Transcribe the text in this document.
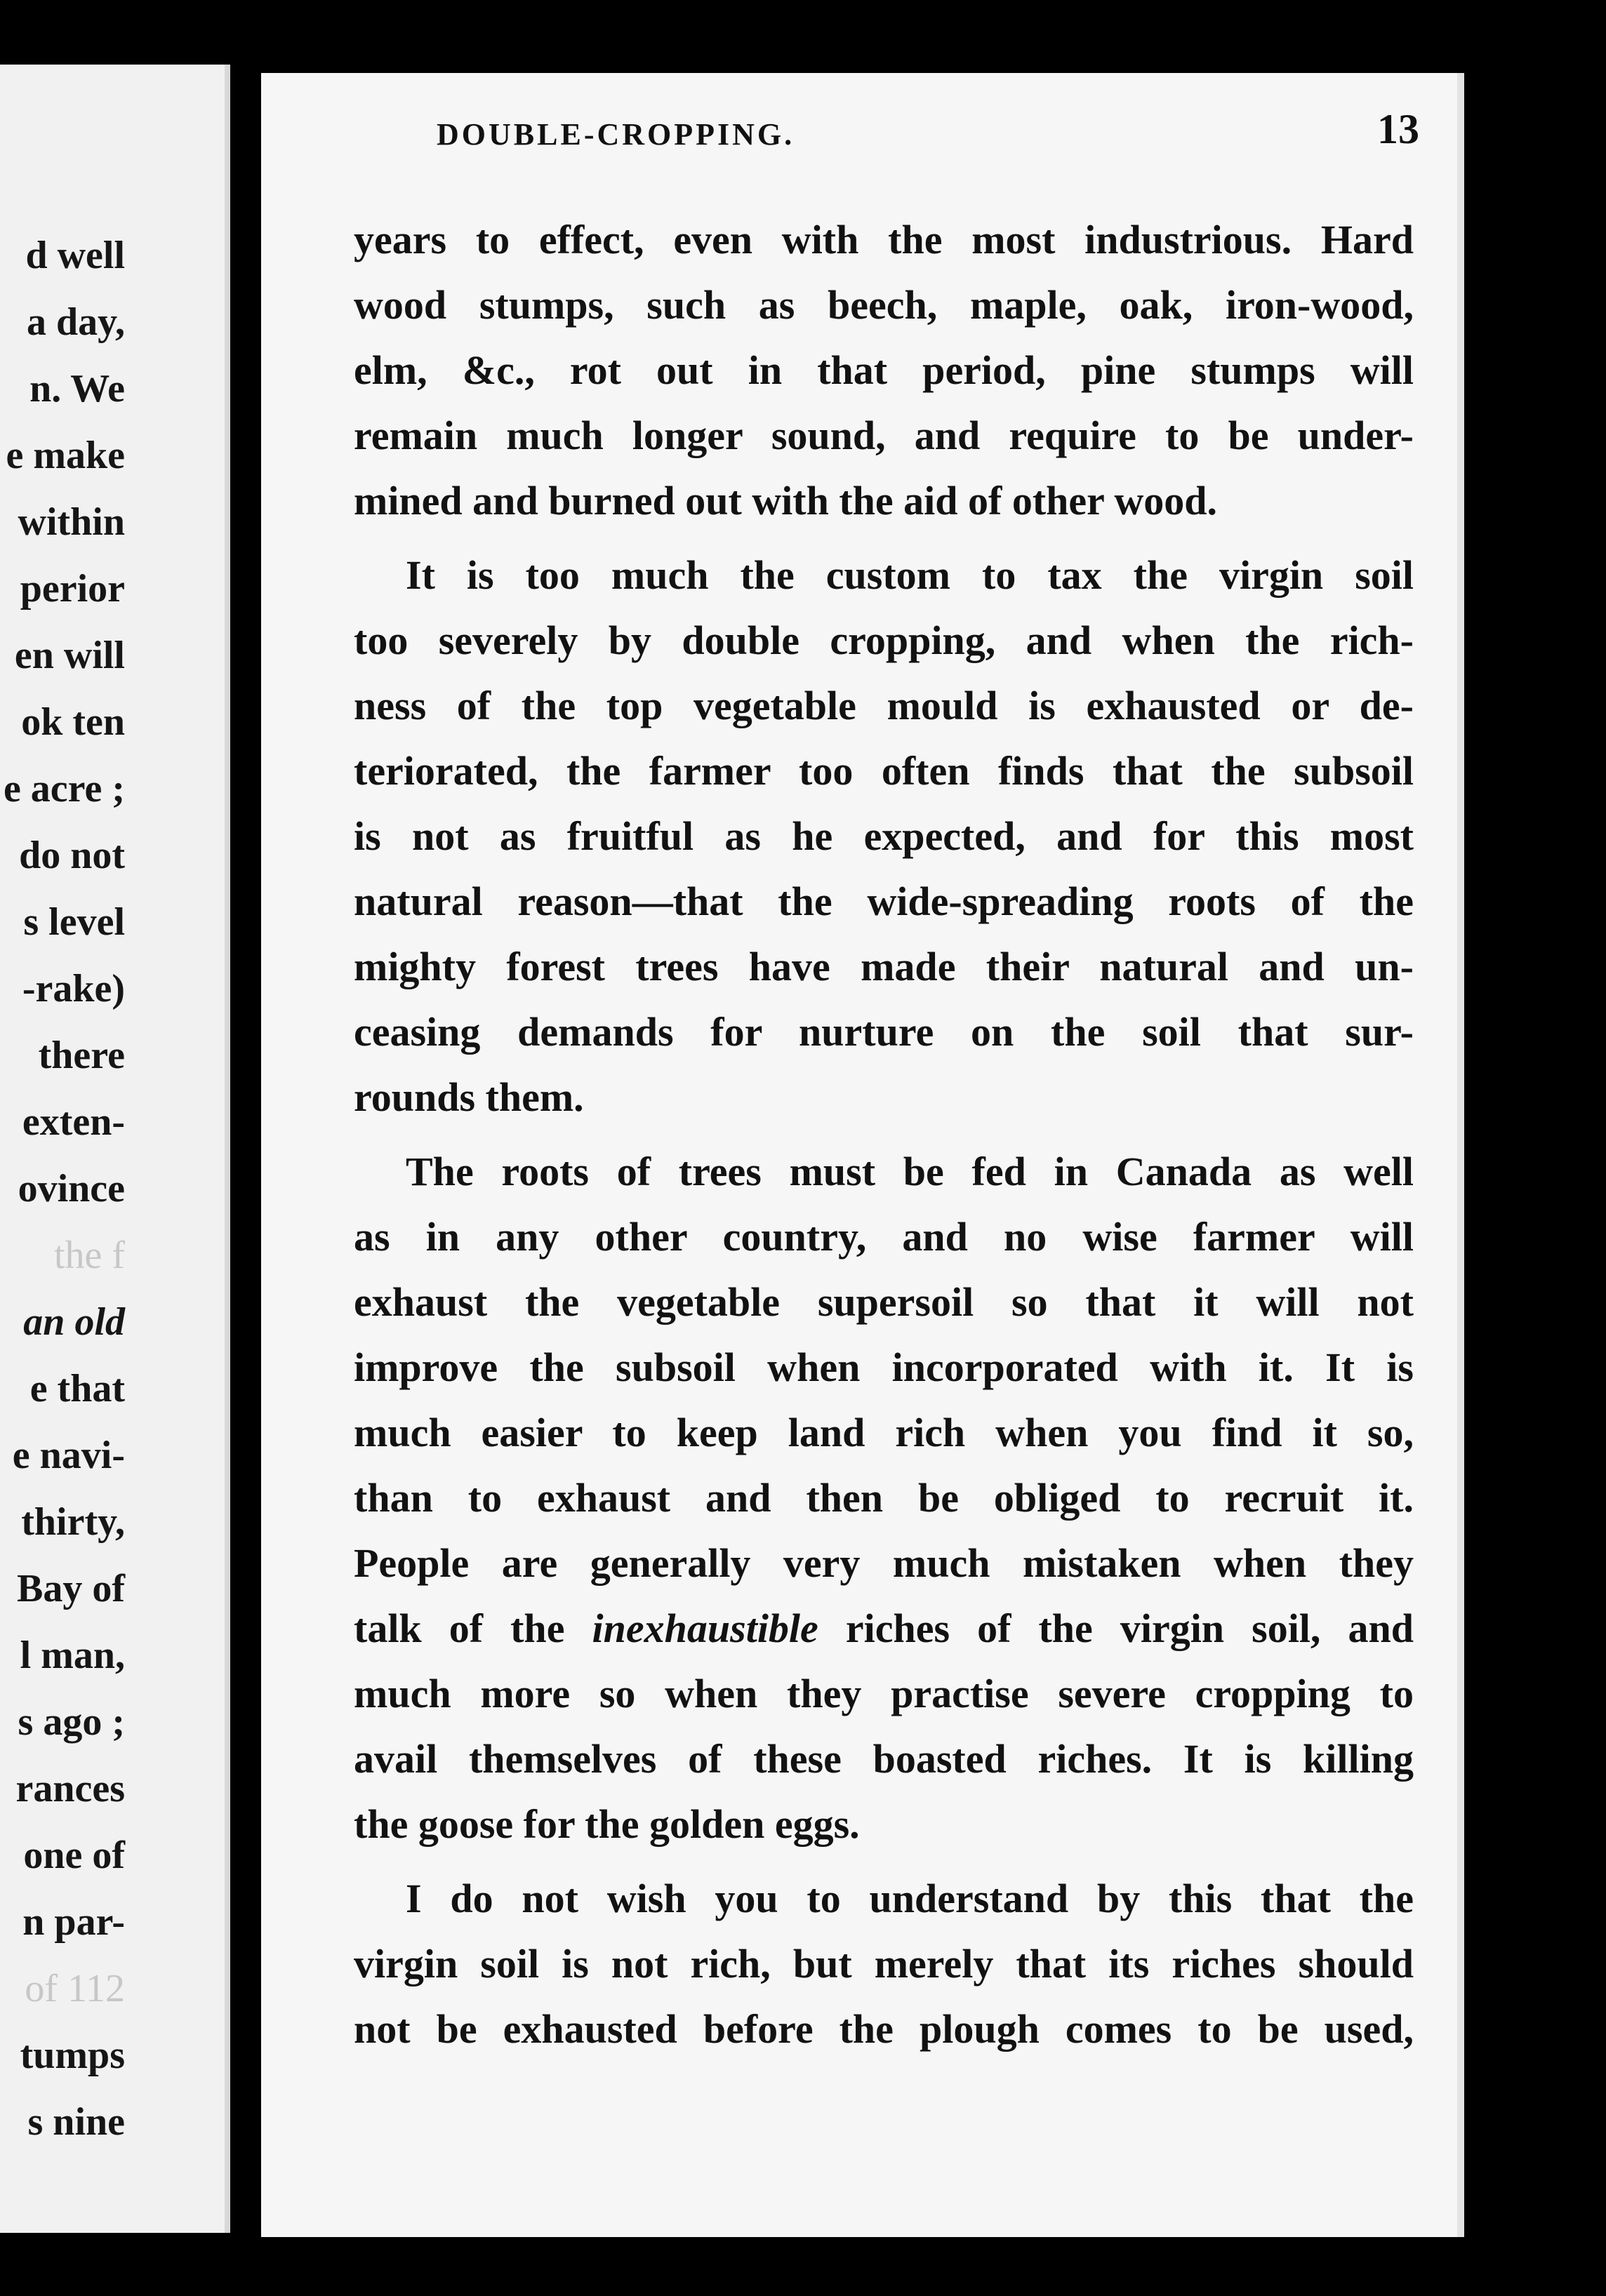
d well
a day,
n. We
e make
within
perior
en will
ok ten
e acre ;
do not
s level
-rake)
there
exten-
ovince
the f
an old
e that
e navi-
thirty,
Bay of
l man,
s ago ;
rances
one of
n par-
of 112
tumps
s nine
DOUBLE-CROPPING.	13
years to effect, even with the most industrious. Hard
wood stumps, such as beech, maple, oak, iron-wood,
elm, &c., rot out in that period, pine stumps will
remain much longer sound, and require to be under-
mined and burned out with the aid of other wood.
It is too much the custom to tax the virgin soil
too severely by double cropping, and when the rich-
ness of the top vegetable mould is exhausted or de-
teriorated, the farmer too often finds that the subsoil
is not as fruitful as he expected, and for this most
natural reason—that the wide-spreading roots of the
mighty forest trees have made their natural and un-
ceasing demands for nurture on the soil that sur-
rounds them.
The roots of trees must be fed in Canada as well
as in any other country, and no wise farmer will
exhaust the vegetable supersoil so that it will not
improve the subsoil when incorporated with it. It is
much easier to keep land rich when you find it so,
than to exhaust and then be obliged to recruit it.
People are generally very much mistaken when they
talk of the inexhaustible riches of the virgin soil, and
much more so when they practise severe cropping to
avail themselves of these boasted riches. It is killing
the goose for the golden eggs.
I do not wish you to understand by this that the
virgin soil is not rich, but merely that its riches should
not be exhausted before the plough comes to be used,
